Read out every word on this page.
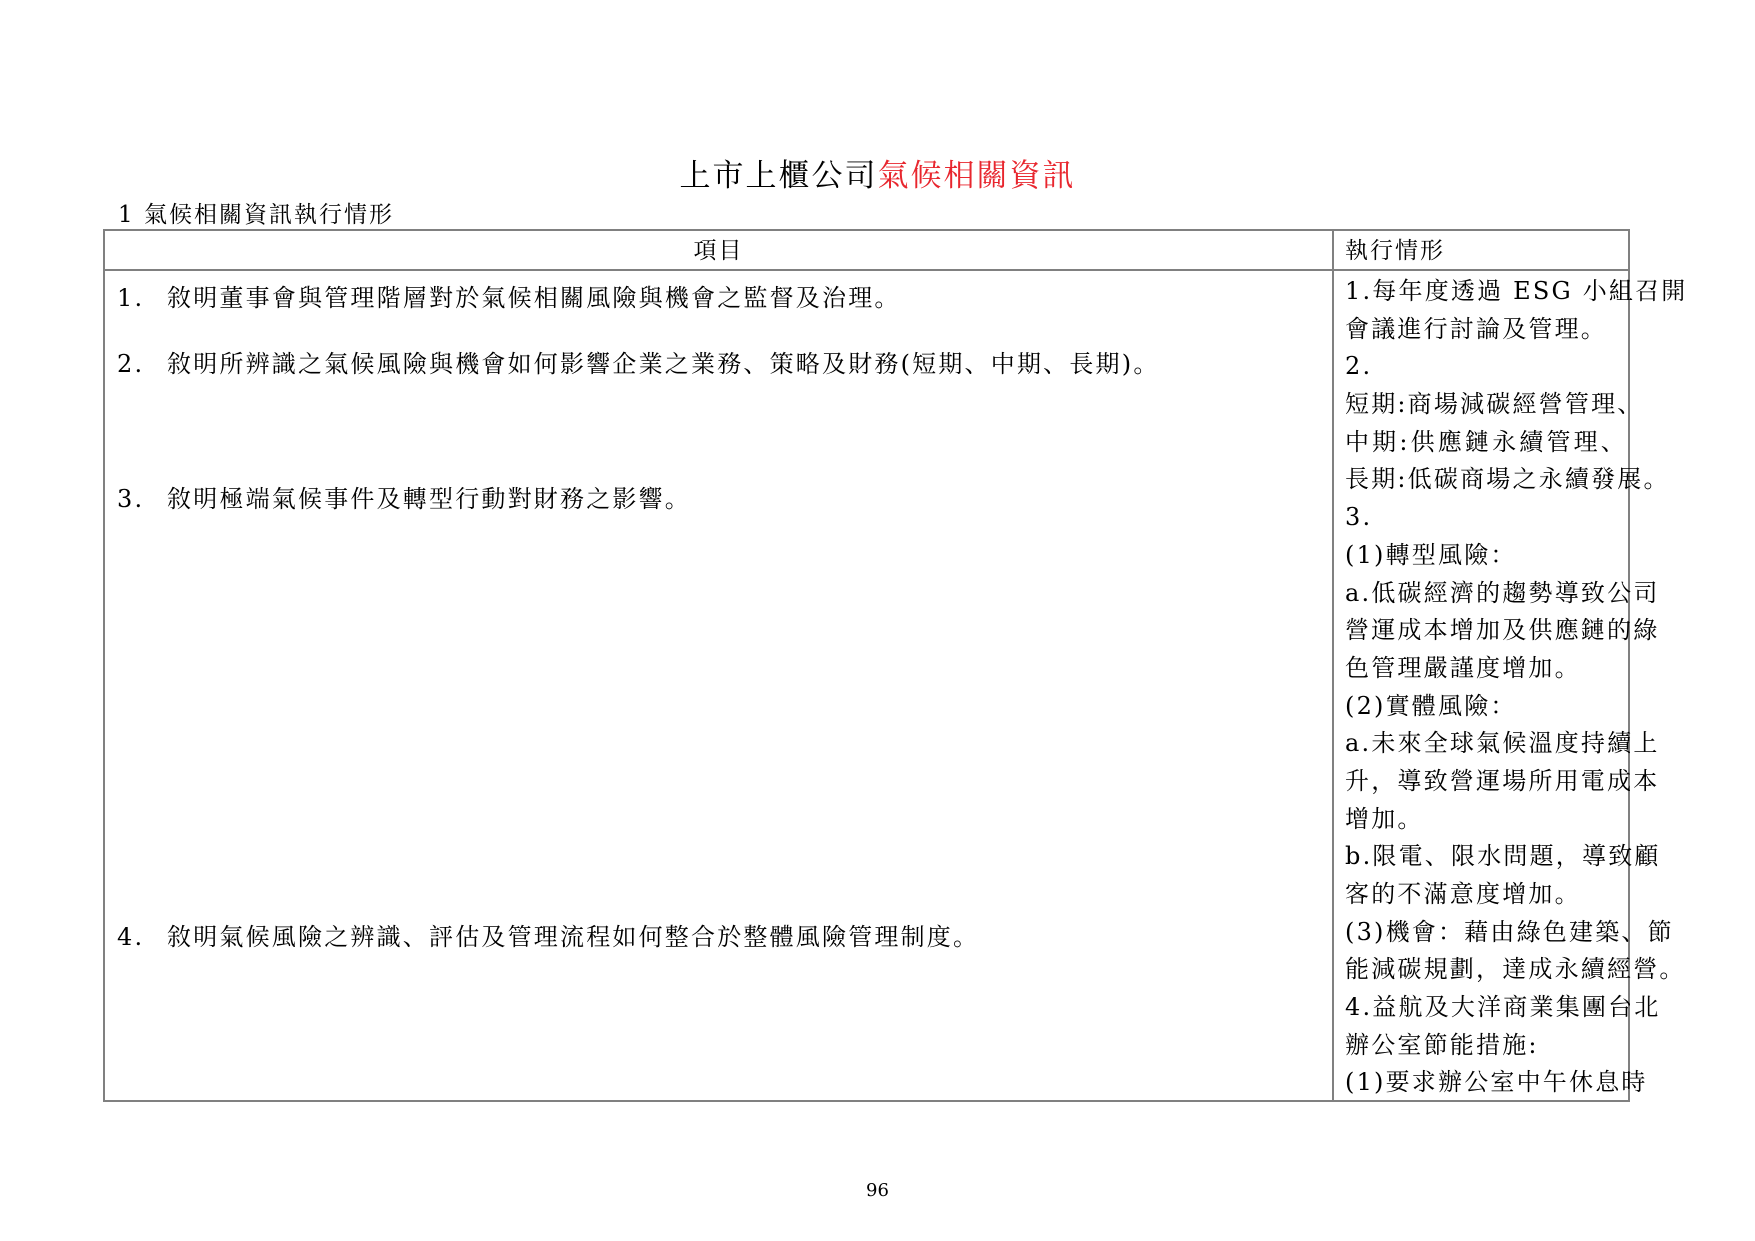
上市上櫃公司氣候相關資訊
1 氣候相關資訊執行情形
項目	執行情形
1. 敘明董事會與管理階層對於氣候相關風險與機會之監督及治理。
2. 敘明所辨識之氣候風險與機會如何影響企業之業務、策略及財務(短期、中期、長期)。
3. 敘明極端氣候事件及轉型行動對財務之影響。
4. 敘明氣候風險之辨識、評估及管理流程如何整合於整體風險管理制度。
1.每年度透過 ESG 小組召開
會議進行討論及管理。
2.
短期:商場減碳經營管理、
中期:供應鏈永續管理、
長期:低碳商場之永續發展。
3.
(1)轉型風險：
a.低碳經濟的趨勢導致公司
營運成本增加及供應鏈的綠
色管理嚴謹度增加。
(2)實體風險：
a.未來全球氣候溫度持續上
升，導致營運場所用電成本
增加。
b.限電、限水問題，導致顧
客的不滿意度增加。
(3)機會：藉由綠色建築、節
能減碳規劃，達成永續經營。
4.益航及大洋商業集團台北
辦公室節能措施:
(1)要求辦公室中午休息時
96
